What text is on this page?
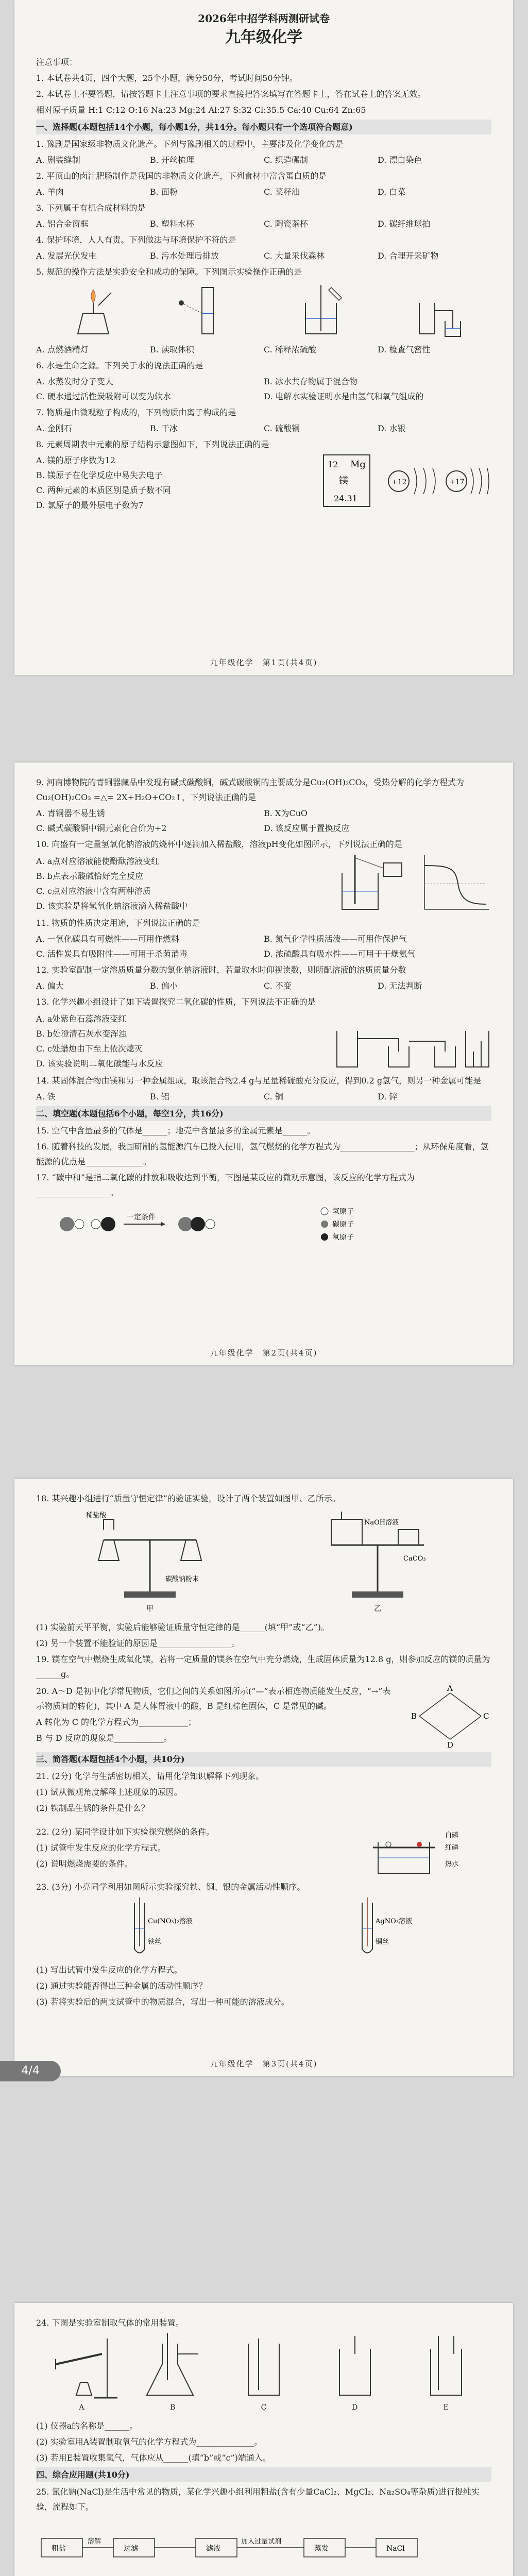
2026年中招学科两测研试卷
九年级化学
注意事项：
1. 本试卷共4页，四个大题，25个小题，满分50分，考试时间50分钟。
2. 本试卷上不要答题，请按答题卡上注意事项的要求直接把答案填写在答题卡上，答在试卷上的答案无效。
相对原子质量 H:1 C:12 O:16 Na:23 Mg:24 Al:27 S:32 Cl:35.5 Ca:40 Cu:64 Zn:65
一、选择题(本题包括14个小题，每小题1分，共14分。每小题只有一个选项符合题意)
1. 豫剧是国家级非物质文化遗产。下列与豫剧相关的过程中，主要涉及化学变化的是
A. 剧装缝制	B. 开丝梳理	C. 织造碾制	D. 漂白染色
2. 平顶山的卤汁肥肠制作是我国的非物质文化遗产，下列食材中富含蛋白质的是
A. 羊肉	B. 面粉	C. 菜籽油	D. 白菜
3. 下列属于有机合成材料的是
A. 铝合金窗框	B. 塑料水杯	C. 陶瓷茶杯	D. 碳纤维球拍
4. 保护环境，人人有责。下列做法与环境保护不符的是
A. 发展光伏发电	B. 污水处理后排放	C. 大量采伐森林	D. 合理开采矿物
5. 规范的操作方法是实验安全和成功的保障。下列图示实验操作正确的是
A. 点燃酒精灯	B. 读取体积	C. 稀释浓硫酸	D. 检查气密性
6. 水是生命之源。下列关于水的说法正确的是
A. 水蒸发时分子变大	B. 冰水共存物属于混合物
C. 硬水通过活性炭吸附可以变为软水	D. 电解水实验证明水是由氢气和氧气组成的
7. 物质是由微观粒子构成的，下列物质由离子构成的是
A. 金刚石	B. 干冰	C. 硫酸铜	D. 水银
8. 元素周期表中元素的原子结构示意图如下，下列说法正确的是
A. 镁的原子序数为12
B. 镁原子在化学反应中易失去电子
C. 两种元素的本质区别是质子数不同
D. 氯原子的最外层电子数为7
12 Mg
镁
24.31
+12	+17
九年级化学　第1页(共4页)
9. 河南博物院的青铜器藏品中发现有碱式碳酸铜，碱式碳酸铜的主要成分是Cu₂(OH)₂CO₃，受热分解的化学方程式为 Cu₂(OH)₂CO₃ =△= 2X+H₂O+CO₂↑，下列说法正确的是
A. 青铜器不易生锈	B. X为CuO
C. 碱式碳酸铜中铜元素化合价为+2	D. 该反应属于置换反应
10. 向盛有一定量氢氧化钠溶液的烧杯中逐滴加入稀盐酸，溶液pH变化如图所示，下列说法正确的是
A. a点对应溶液能使酚酞溶液变红
B. b点表示酸碱恰好完全反应
C. c点对应溶液中含有两种溶质
D. 该实验是将氢氧化钠溶液滴入稀盐酸中
11. 物质的性质决定用途，下列说法正确的是
A. 一氧化碳具有可燃性——可用作燃料	B. 氮气化学性质活泼——可用作保护气
C. 活性炭具有吸附性——可用于杀菌消毒	D. 浓硫酸具有吸水性——可用于干燥氨气
12. 实验室配制一定溶质质量分数的氯化钠溶液时，若量取水时仰视读数，则所配溶液的溶质质量分数
A. 偏大	B. 偏小	C. 不变	D. 无法判断
13. 化学兴趣小组设计了如下装置探究二氧化碳的性质，下列说法不正确的是
A. a处紫色石蕊溶液变红
B. b处澄清石灰水变浑浊
C. c处蜡烛由下至上依次熄灭
D. 该实验说明二氧化碳能与水反应
14. 某固体混合物由镁和另一种金属组成，取该混合物2.4 g与足量稀硫酸充分反应，得到0.2 g氢气，则另一种金属可能是
A. 铁	B. 铝	C. 铜	D. 锌
二、填空题(本题包括6个小题，每空1分，共16分)
15. 空气中含量最多的气体是______；地壳中含量最多的金属元素是______。
16. 随着科技的发展，我国研制的氢能源汽车已投入使用，氢气燃烧的化学方程式为__________________；从环保角度看，氢能源的优点是______________。
17. “碳中和”是指二氧化碳的排放和吸收达到平衡，下图是某反应的微观示意图，该反应的化学方程式为__________________。
一定条件
氢原子
碳原子
氧原子
九年级化学　第2页(共4页)
18. 某兴趣小组进行“质量守恒定律”的验证实验，设计了两个装置如图甲、乙所示。
稀盐酸
碳酸钠粉末
甲
NaOH溶液
CaCO₃
乙
(1) 实验前天平平衡，实验后能够验证质量守恒定律的是______(填“甲”或“乙”)。
(2) 另一个装置不能验证的原因是__________________。
19. 镁在空气中燃烧生成氧化镁，若将一定质量的镁条在空气中充分燃烧，生成固体质量为12.8 g，则参加反应的镁的质量为______g。
20. A～D 是初中化学常见物质，它们之间的关系如图所示(“—”表示相连物质能发生反应，“→”表示物质间的转化)，其中 A 是人体胃液中的酸，B 是红棕色固体，C 是常见的碱。
A 转化为 C 的化学方程式为____________；
B 与 D 反应的现象是____________。
A
B	C
D
三、简答题(本题包括4个小题，共10分)
21. (2分) 化学与生活密切相关，请用化学知识解释下列现象。
(1) 试从微观角度解释上述现象的原因。
(2) 铁制品生锈的条件是什么？
22. (2分) 某同学设计如下实验探究燃烧的条件。
(1) 试管中发生反应的化学方程式。
(2) 说明燃烧需要的条件。
白磷
红磷
热水
23. (3分) 小亮同学利用如图所示实验探究铁、铜、银的金属活动性顺序。
Cu(NO₃)₂溶液
铁丝
AgNO₃溶液
铜丝
(1) 写出试管中发生反应的化学方程式。
(2) 通过实验能否得出三种金属的活动性顺序？
(3) 若将实验后的两支试管中的物质混合，写出一种可能的溶液成分。
九年级化学　第3页(共4页)
4/4
24. 下图是实验室制取气体的常用装置。
A	B	C	D	E
(1) 仪器a的名称是______。
(2) 实验室用A装置制取氧气的化学方程式为______________。
(3) 若用E装置收集氢气，气体应从______(填“b”或“c”)端通入。
四、综合应用题(共10分)
25. 氯化钠(NaCl)是生活中常见的物质，某化学兴趣小组利用粗盐(含有少量CaCl₂、MgCl₂、Na₂SO₄等杂质)进行提纯实验，流程如下。
粗盐
溶解
过滤	滤液
加入过量试剂
蒸发	NaCl
